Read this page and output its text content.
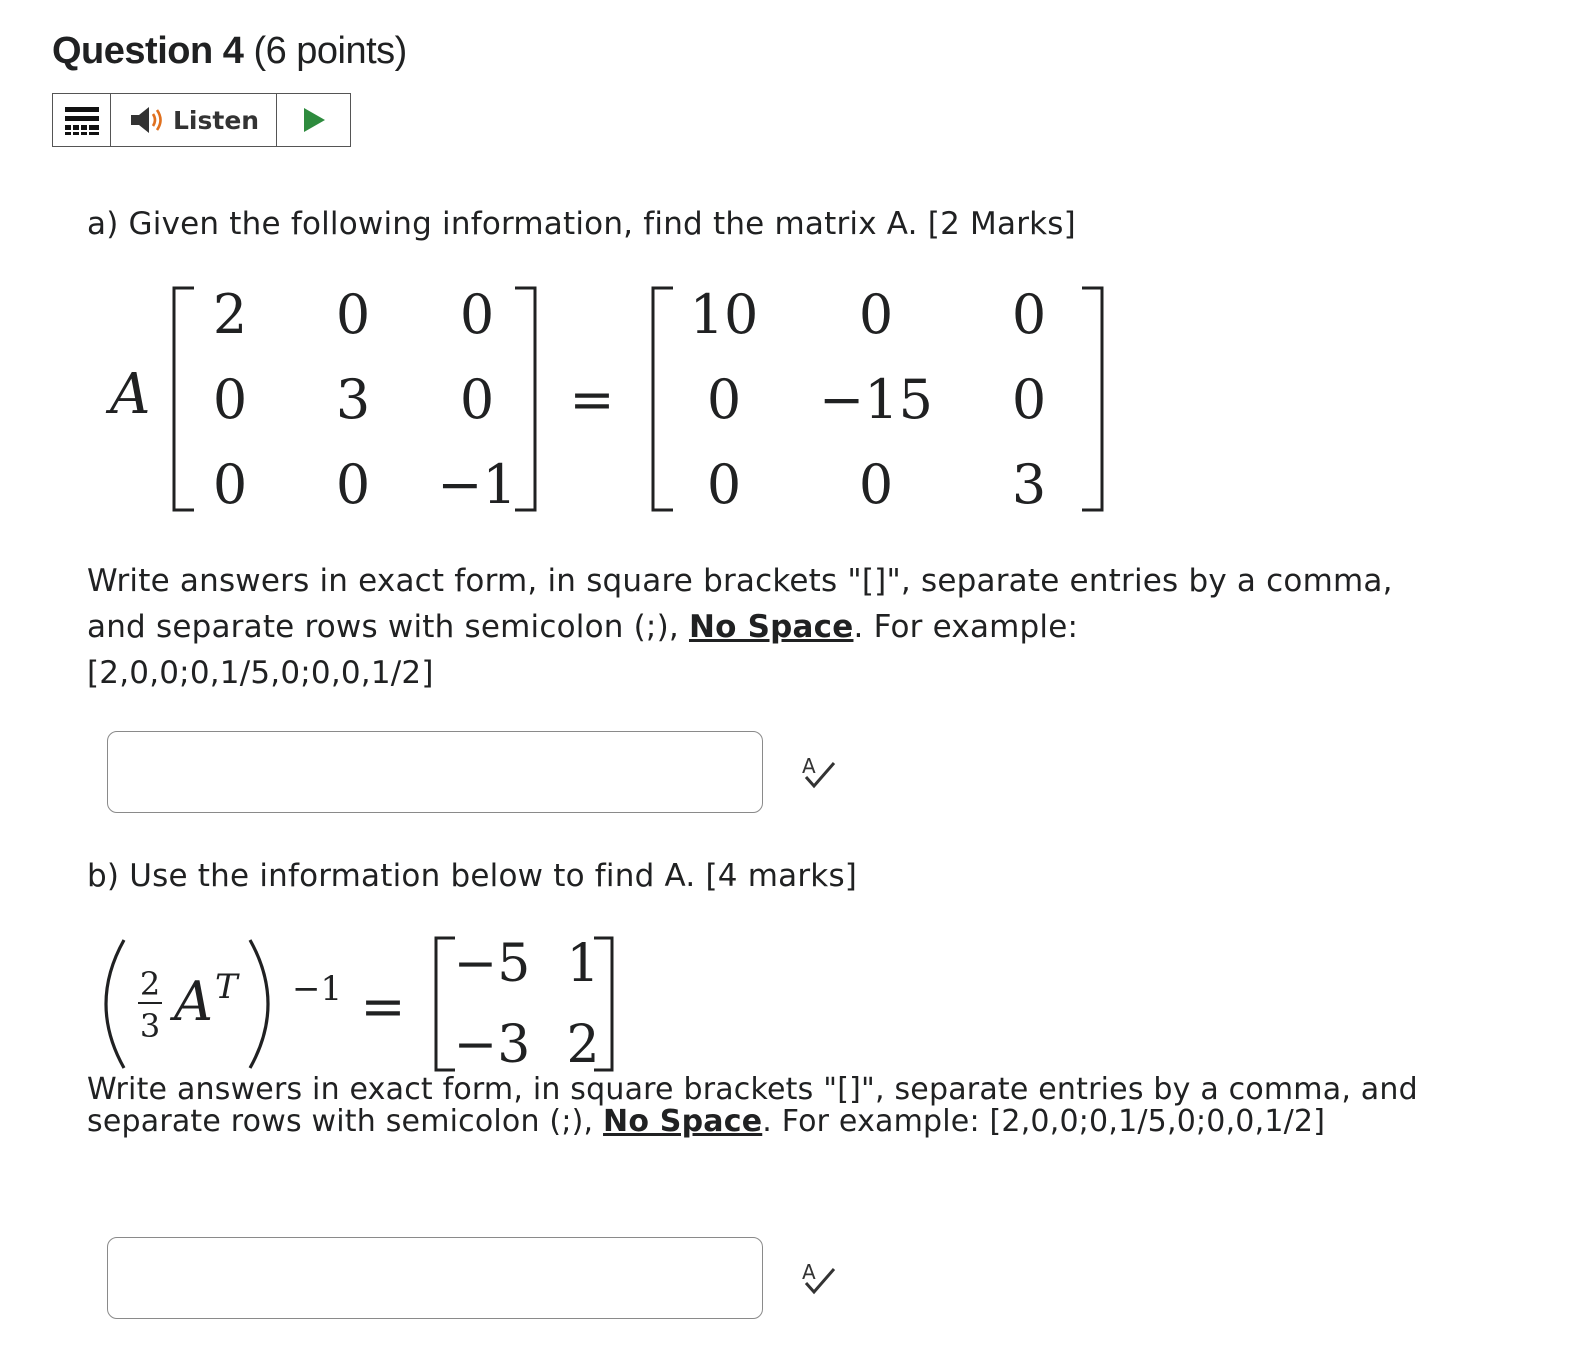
Question 4 (6 points)
Listen
a) Given the following information, find the matrix A. [2 Marks]
A
2 0 0
0 3 0
0 0 −1
=
10 0 0
0 −15 0
0 0 3
Write answers in exact form, in square brackets "[]", separate entries by a comma,
and separate rows with semicolon (;), No Space. For example:
[2,0,0;0,1/5,0;0,0,1/2]
A
b) Use the information below to find A. [4 marks]
2
3 A T −1 =
−5 1
−3 2
Write answers in exact form, in square brackets "[]", separate entries by a comma, and
separate rows with semicolon (;), No Space. For example: [2,0,0;0,1/5,0;0,0,1/2]
A
